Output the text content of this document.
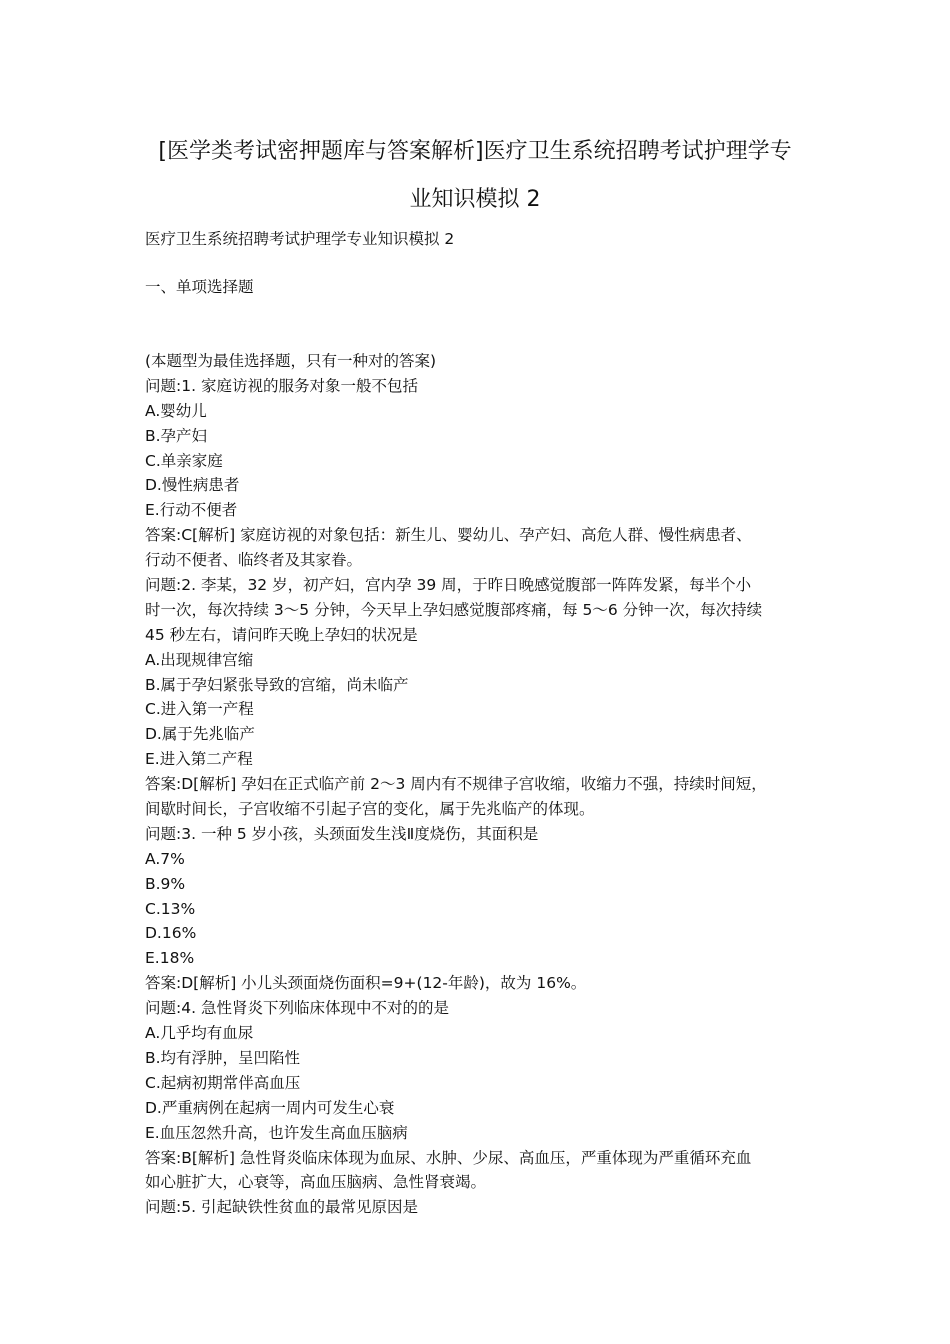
[医学类考试密押题库与答案解析]医疗卫生系统招聘考试护理学专
业知识模拟 2
医疗卫生系统招聘考试护理学专业知识模拟 2
一、单项选择题
(本题型为最佳选择题，只有一种对的答案)
问题:1. 家庭访视的服务对象一般不包括
A.婴幼儿
B.孕产妇
C.单亲家庭
D.慢性病患者
E.行动不便者
答案:C[解析] 家庭访视的对象包括：新生儿、婴幼儿、孕产妇、高危人群、慢性病患者、
行动不便者、临终者及其家眷。
问题:2. 李某，32 岁，初产妇，宫内孕 39 周，于昨日晚感觉腹部一阵阵发紧，每半个小
时一次，每次持续 3～5 分钟，今天早上孕妇感觉腹部疼痛，每 5～6 分钟一次，每次持续
45 秒左右，请问昨天晚上孕妇的状况是
A.出现规律宫缩
B.属于孕妇紧张导致的宫缩，尚未临产
C.进入第一产程
D.属于先兆临产
E.进入第二产程
答案:D[解析] 孕妇在正式临产前 2～3 周内有不规律子宫收缩，收缩力不强，持续时间短，
间歇时间长，子宫收缩不引起子宫的变化，属于先兆临产的体现。
问题:3. 一种 5 岁小孩，头颈面发生浅Ⅱ度烧伤，其面积是
A.7%
B.9%
C.13%
D.16%
E.18%
答案:D[解析] 小儿头颈面烧伤面积=9+(12-年龄)，故为 16%。
问题:4. 急性肾炎下列临床体现中不对的的是
A.几乎均有血尿
B.均有浮肿，呈凹陷性
C.起病初期常伴高血压
D.严重病例在起病一周内可发生心衰
E.血压忽然升高，也许发生高血压脑病
答案:B[解析] 急性肾炎临床体现为血尿、水肿、少尿、高血压，严重体现为严重循环充血
如心脏扩大，心衰等，高血压脑病、急性肾衰竭。
问题:5. 引起缺铁性贫血的最常见原因是
